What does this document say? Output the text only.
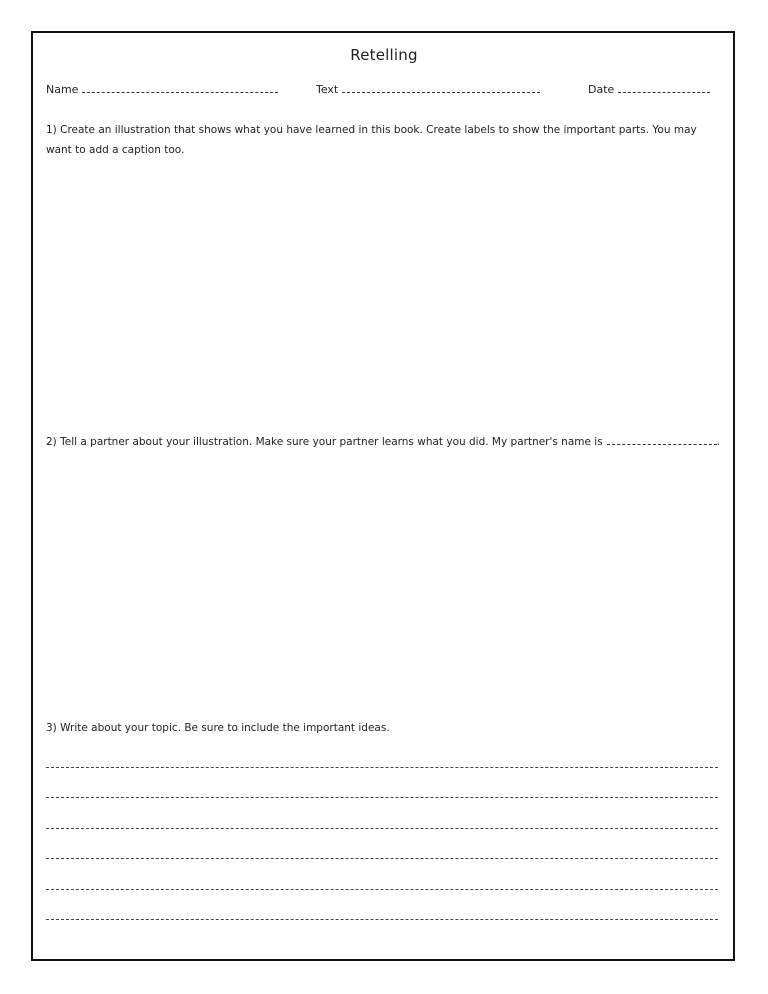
Retelling
Name	Text	Date
1) Create an illustration that shows what you have learned in this book. Create labels to show the important parts. You may want to add a caption too.
2) Tell a partner about your illustration. Make sure your partner learns what you did. My partner's name is	.
3) Write about your topic. Be sure to include the important ideas.
